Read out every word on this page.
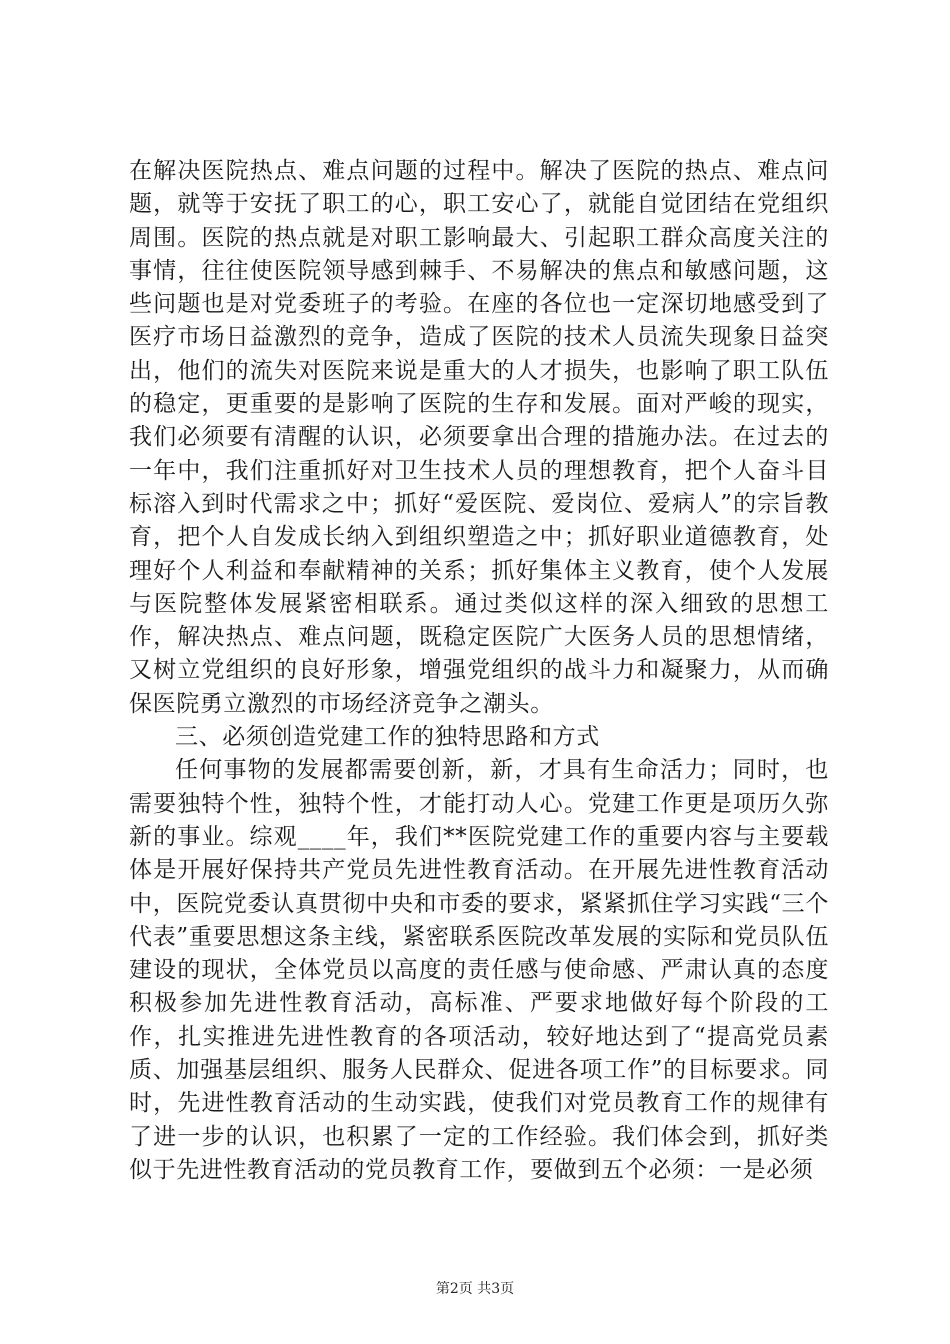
在解决医院热点、难点问题的过程中。解决了医院的热点、难点问题，就等于安抚了职工的心，职工安心了，就能自觉团结在党组织周围。医院的热点就是对职工影响最大、引起职工群众高度关注的事情，往往使医院领导感到棘手、不易解决的焦点和敏感问题，这些问题也是对党委班子的考验。在座的各位也一定深切地感受到了医疗市场日益激烈的竞争，造成了医院的技术人员流失现象日益突出，他们的流失对医院来说是重大的人才损失，也影响了职工队伍的稳定，更重要的是影响了医院的生存和发展。面对严峻的现实，我们必须要有清醒的认识，必须要拿出合理的措施办法。在过去的一年中，我们注重抓好对卫生技术人员的理想教育，把个人奋斗目标溶入到时代需求之中；抓好“爱医院、爱岗位、爱病人”的宗旨教育，把个人自发成长纳入到组织塑造之中；抓好职业道德教育，处理好个人利益和奉献精神的关系；抓好集体主义教育，使个人发展与医院整体发展紧密相联系。通过类似这样的深入细致的思想工作，解决热点、难点问题，既稳定医院广大医务人员的思想情绪，又树立党组织的良好形象，增强党组织的战斗力和凝聚力，从而确保医院勇立激烈的市场经济竞争之潮头。

三、必须创造党建工作的独特思路和方式

任何事物的发展都需要创新，新，才具有生命活力；同时，也需要独特个性，独特个性，才能打动人心。党建工作更是项历久弥新的事业。综观____年，我们**医院党建工作的重要内容与主要载体是开展好保持共产党员先进性教育活动。在开展先进性教育活动中，医院党委认真贯彻中央和市委的要求，紧紧抓住学习实践“三个代表”重要思想这条主线，紧密联系医院改革发展的实际和党员队伍建设的现状，全体党员以高度的责任感与使命感、严肃认真的态度积极参加先进性教育活动，高标准、严要求地做好每个阶段的工作，扎实推进先进性教育的各项活动，较好地达到了“提高党员素质、加强基层组织、服务人民群众、促进各项工作”的目标要求。同时，先进性教育活动的生动实践，使我们对党员教育工作的规律有了进一步的认识，也积累了一定的工作经验。我们体会到，抓好类似于先进性教育活动的党员教育工作，要做到五个必须：一是必须

第2页 共3页
